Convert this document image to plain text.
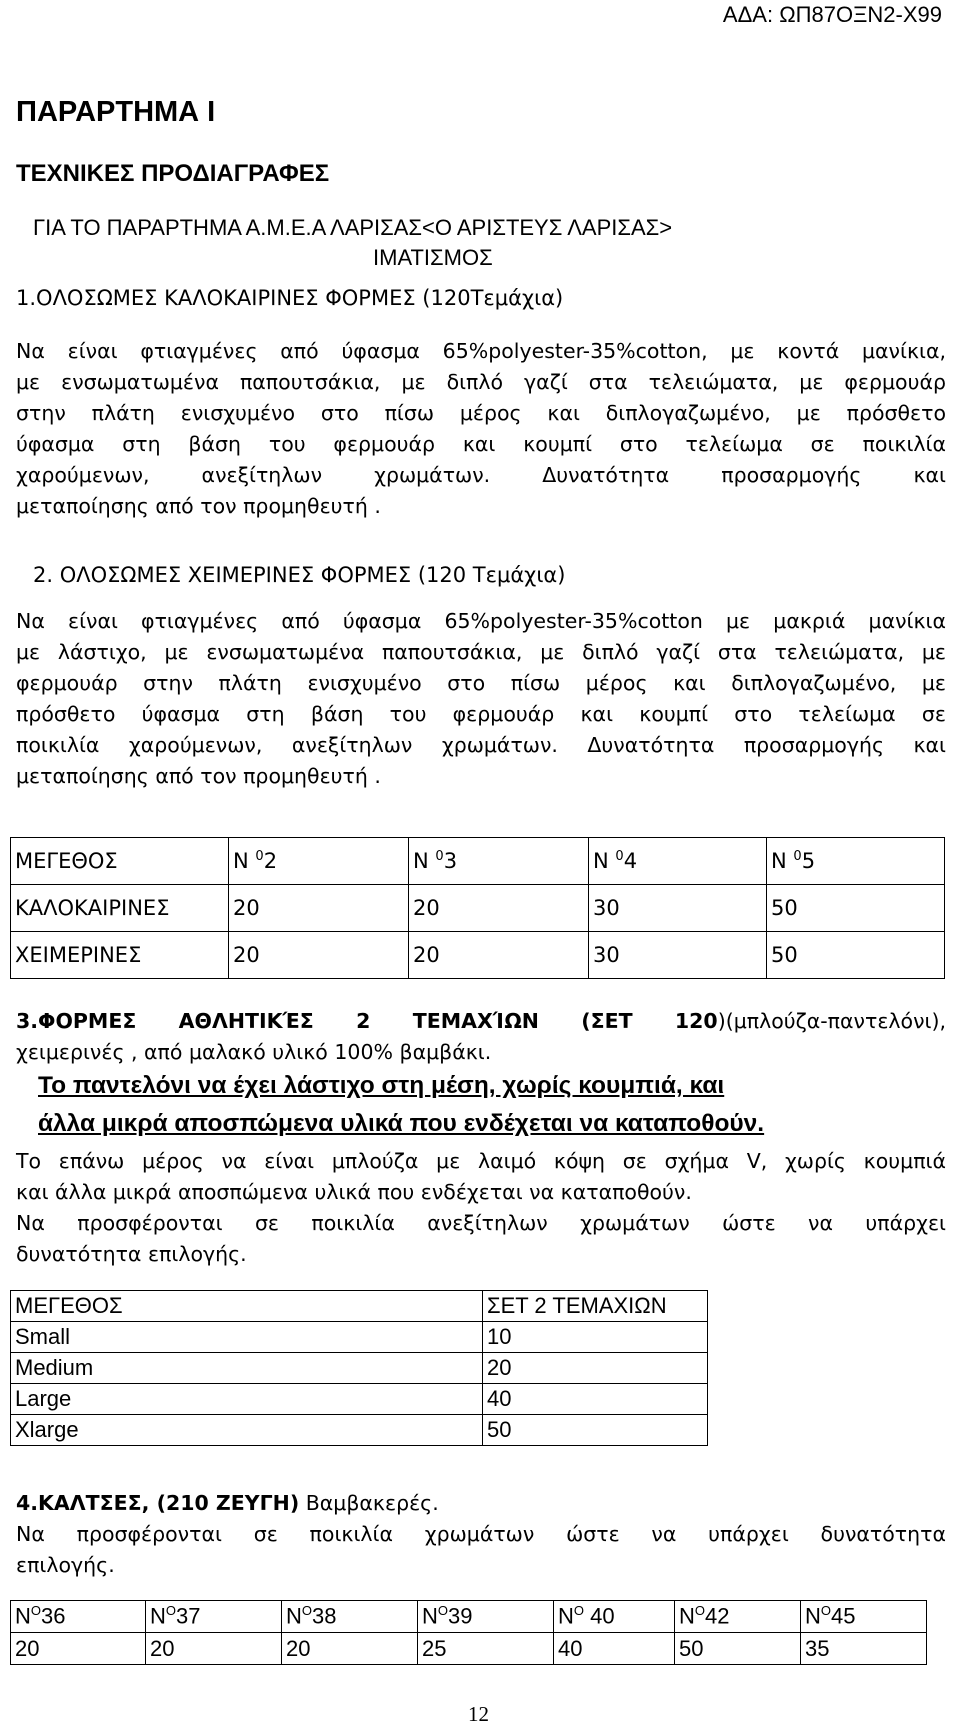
ΑΔΑ: ΩΠ87ΟΞΝ2-Χ99
ΠΑΡΑΡΤΗΜΑ Ι
ΤΕΧΝΙΚΕΣ ΠΡΟΔΙΑΓΡΑΦΕΣ
ΓΙΑ ΤΟ ΠΑΡΑΡΤΗΜΑ Α.Μ.Ε.Α ΛΑΡΙΣΑΣ<Ο ΑΡΙΣΤΕΥΣ ΛΑΡΙΣΑΣ>
ΙΜΑΤΙΣΜΟΣ
1.ΟΛΟΣΩΜΕΣ ΚΑΛΟΚΑΙΡΙΝΕΣ ΦΟΡΜΕΣ (120Τεμάχια)
Να είναι φτιαγμένες από ύφασμα 65%polyester-35%cotton, με κοντά μανίκια,
με ενσωματωμένα παπουτσάκια, με διπλό γαζί στα τελειώματα, με φερμουάρ
στην πλάτη ενισχυμένο στο πίσω μέρος και διπλογαζωμένο, με πρόσθετο
ύφασμα στη βάση του φερμουάρ και κουμπί στο τελείωμα σε ποικιλία
χαρούμενων, ανεξίτηλων χρωμάτων. Δυνατότητα προσαρμογής και
μεταποίησης από τον προμηθευτή .
2. ΟΛΟΣΩΜΕΣ ΧΕΙΜΕΡΙΝΕΣ ΦΟΡΜΕΣ (120 Τεμάχια)
Να είναι φτιαγμένες από ύφασμα 65%polyester-35%cotton με μακριά μανίκια
με λάστιχο, με ενσωματωμένα παπουτσάκια, με διπλό γαζί στα τελειώματα, με
φερμουάρ στην πλάτη ενισχυμένο στο πίσω μέρος και διπλογαζωμένο, με
πρόσθετο ύφασμα στη βάση του φερμουάρ και κουμπί στο τελείωμα σε
ποικιλία χαρούμενων, ανεξίτηλων χρωμάτων. Δυνατότητα προσαρμογής και
μεταποίησης από τον προμηθευτή .
ΜΕΓΕΘΟΣ	N $^0$2	N $^0$3	N $^0$4	N $^0$5
ΚΑΛΟΚΑΙΡΙΝΕΣ	20	20	30	50
ΧΕΙΜΕΡΙΝΕΣ	20	20	30	50
3.ΦΟΡΜΕΣ ΑΘΛΗΤΙΚΈΣ 2 ΤΕΜΑΧΊΩΝ (ΣΕΤ 120)(μπλούζα-παντελόνι),
χειμερινές , από μαλακό υλικό 100% βαμβάκι.
Το παντελόνι να έχει λάστιχο στη μέση, χωρίς κουμπιά, και
άλλα μικρά αποσπώμενα υλικά που ενδέχεται να καταποθούν.
Το επάνω μέρος να είναι μπλούζα με λαιμό κόψη σε σχήμα V, χωρίς κουμπιά
και άλλα μικρά αποσπώμενα υλικά που ενδέχεται να καταποθούν.
Να προσφέρονται σε ποικιλία ανεξίτηλων χρωμάτων ώστε να υπάρχει
δυνατότητα επιλογής.
ΜΕΓΕΘΟΣ	ΣΕΤ 2 ΤΕΜΑΧΙΩΝ
Small	10
Medium	20
Large	40
Xlarge	50
4.ΚΑΛΤΣΕΣ, (210 ΖΕΥΓΗ) Βαμβακερές.
Να προσφέρονται σε ποικιλία χρωμάτων ώστε να υπάρχει δυνατότητα
επιλογής.
$N^O36$	$N^O37$	$N^O38$	$N^O39$	$N^O$ 40	$N^O42$	$N^O45$
20	20	20	25	40	50	35
12
